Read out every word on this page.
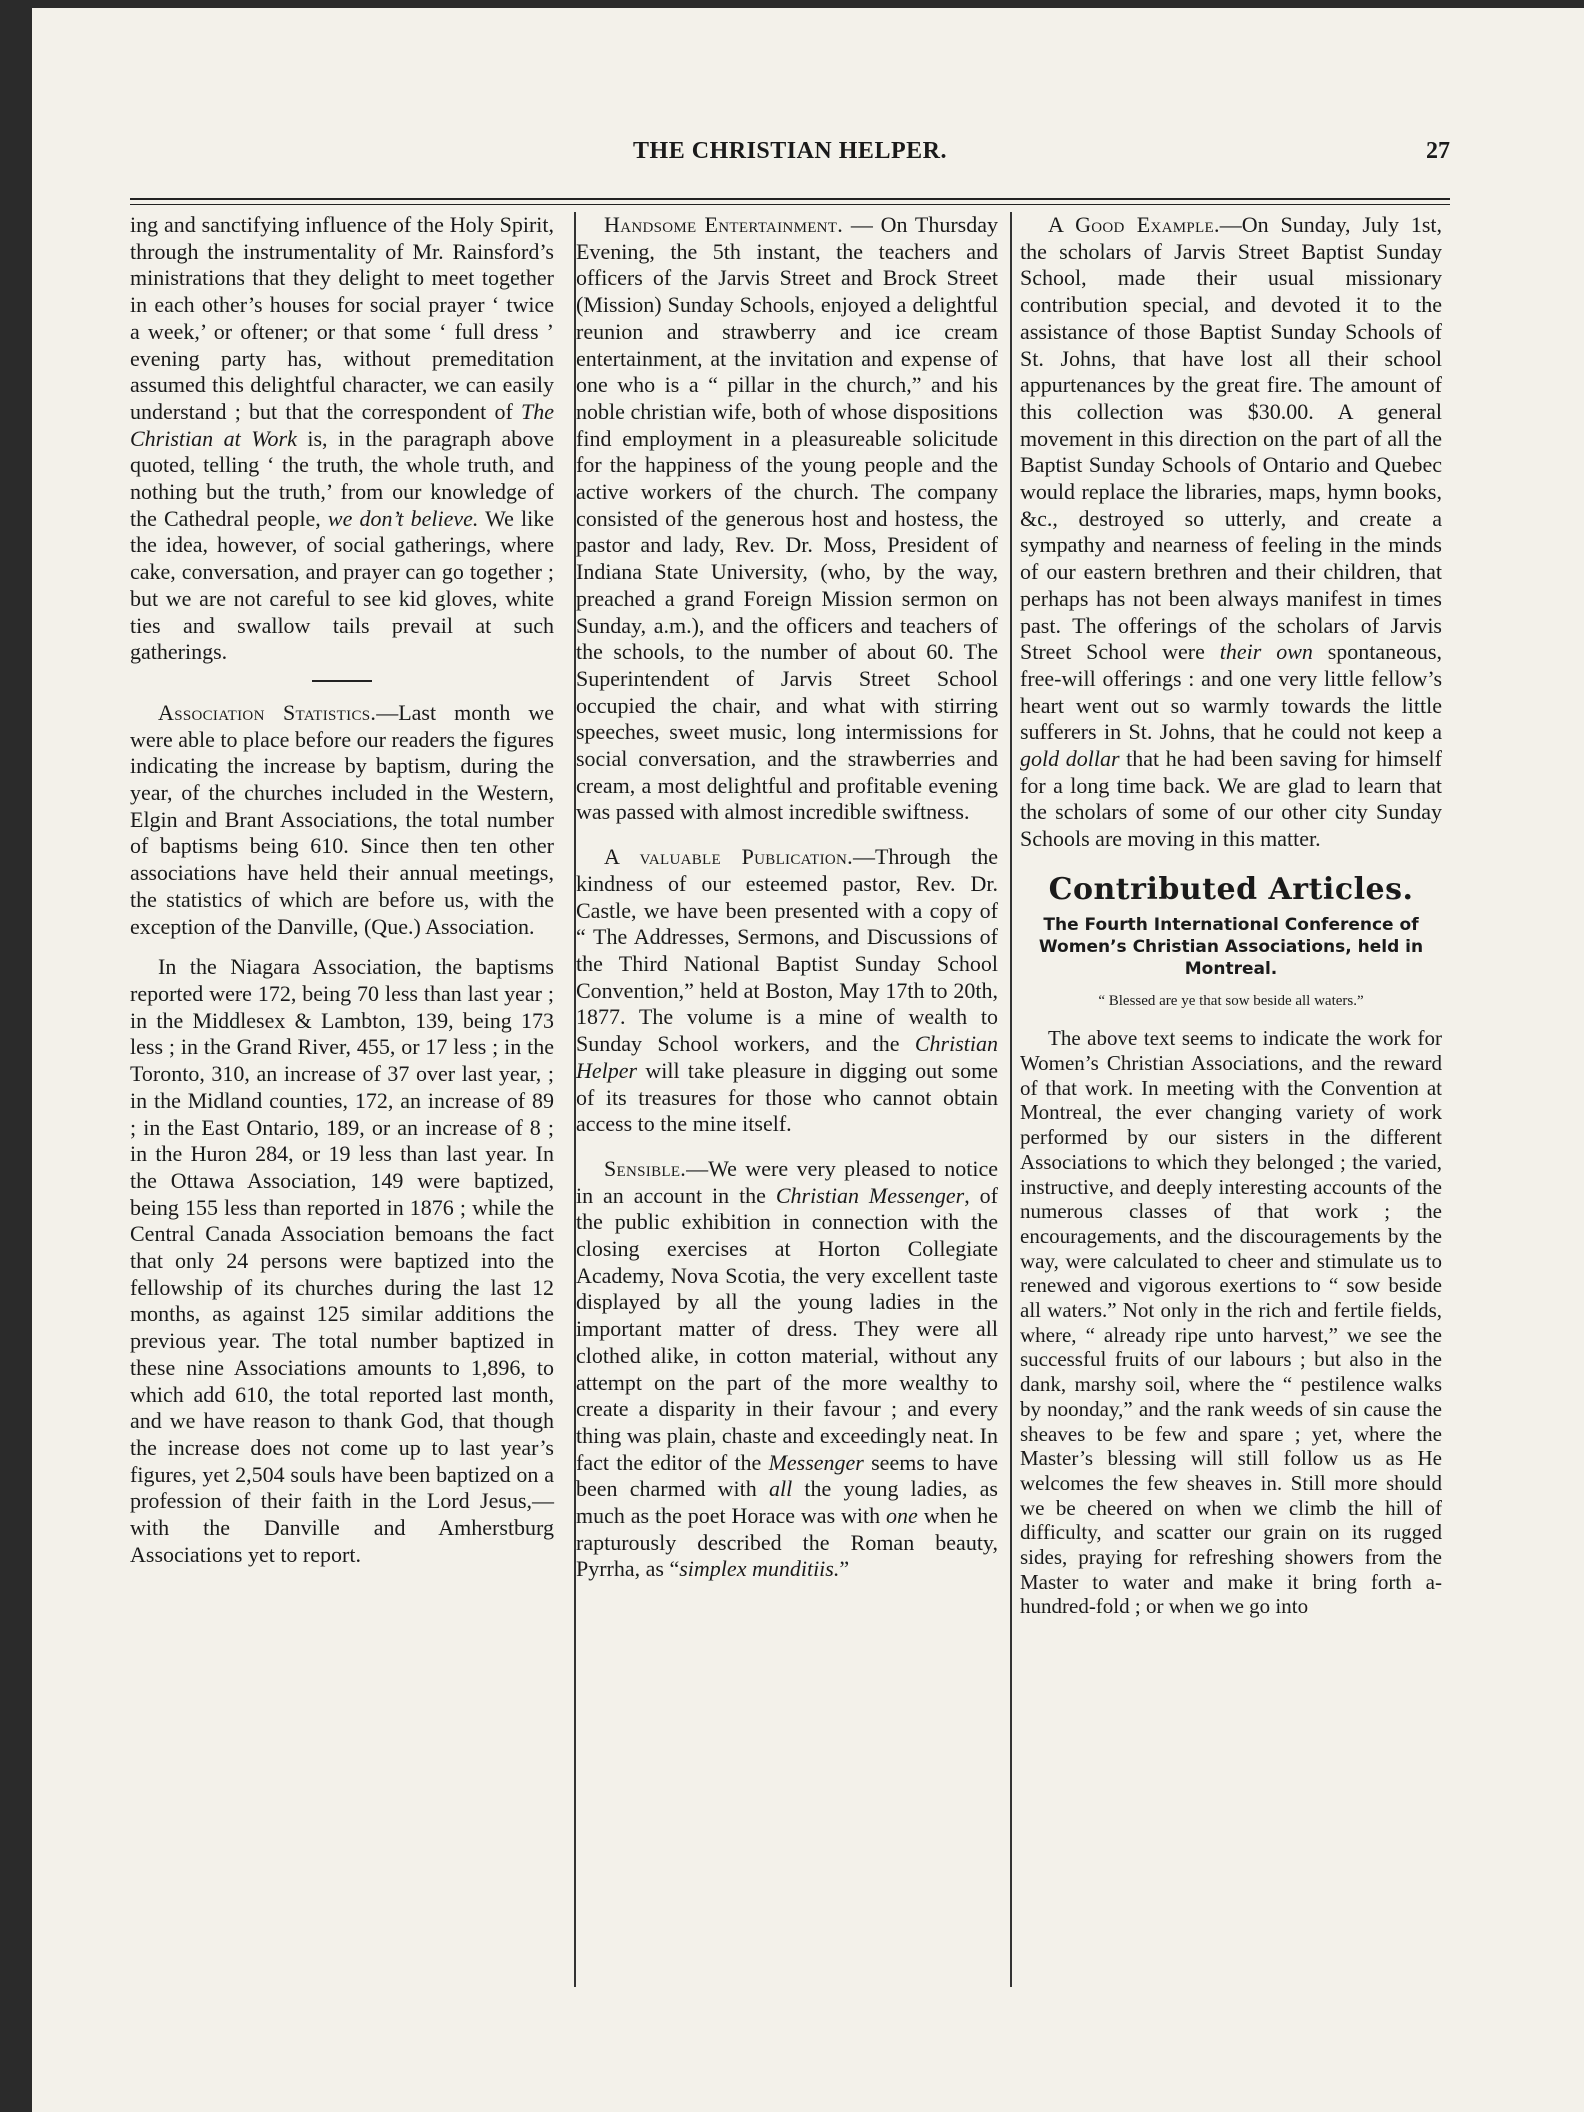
THE CHRISTIAN HELPER.	27

ing and sanctifying influence of the Holy Spirit, through the instrumentality of Mr. Rainsford’s ministrations that they delight to meet together in each other’s houses for social prayer ‘ twice a week,’ or oftener; or that some ‘ full dress ’ evening party has, without premeditation assumed this delightful character, we can easily understand ; but that the correspondent of The Christian at Work is, in the paragraph above quoted, telling ‘ the truth, the whole truth, and nothing but the truth,’ from our knowledge of the Cathedral people, we don’t believe. We like the idea, however, of social gatherings, where cake, conversation, and prayer can go together ; but we are not careful to see kid gloves, white ties and swallow tails prevail at such gatherings.

Association Statistics.—Last month we were able to place before our readers the figures indicating the increase by baptism, during the year, of the churches included in the Western, Elgin and Brant Associations, the total number of baptisms being 610. Since then ten other associations have held their annual meetings, the statistics of which are before us, with the exception of the Danville, (Que.) Association.

In the Niagara Association, the baptisms reported were 172, being 70 less than last year ; in the Middlesex & Lambton, 139, being 173 less ; in the Grand River, 455, or 17 less ; in the Toronto, 310, an increase of 37 over last year, ; in the Midland counties, 172, an increase of 89 ; in the East Ontario, 189, or an increase of 8 ; in the Huron 284, or 19 less than last year. In the Ottawa Association, 149 were baptized, being 155 less than reported in 1876 ; while the Central Canada Association bemoans the fact that only 24 persons were baptized into the fellowship of its churches during the last 12 months, as against 125 similar additions the previous year. The total number baptized in these nine Associations amounts to 1,896, to which add 610, the total reported last month, and we have reason to thank God, that though the increase does not come up to last year’s figures, yet 2,504 souls have been baptized on a profession of their faith in the Lord Jesus,—with the Danville and Amherstburg Associations yet to report.

Handsome Entertainment. — On Thursday Evening, the 5th instant, the teachers and officers of the Jarvis Street and Brock Street (Mission) Sunday Schools, enjoyed a delightful reunion and strawberry and ice cream entertainment, at the invitation and expense of one who is a “ pillar in the church,” and his noble christian wife, both of whose dispositions find employment in a pleasureable solicitude for the happiness of the young people and the active workers of the church. The company consisted of the generous host and hostess, the pastor and lady, Rev. Dr. Moss, President of Indiana State University, (who, by the way, preached a grand Foreign Mission sermon on Sunday, a.m.), and the officers and teachers of the schools, to the number of about 60. The Superintendent of Jarvis Street School occupied the chair, and what with stirring speeches, sweet music, long intermissions for social conversation, and the strawberries and cream, a most delightful and profitable evening was passed with almost incredible swiftness.

A valuable Publication.—Through the kindness of our esteemed pastor, Rev. Dr. Castle, we have been presented with a copy of “ The Addresses, Sermons, and Discussions of the Third National Baptist Sunday School Convention,” held at Boston, May 17th to 20th, 1877. The volume is a mine of wealth to Sunday School workers, and the Christian Helper will take pleasure in digging out some of its treasures for those who cannot obtain access to the mine itself.

Sensible.—We were very pleased to notice in an account in the Christian Messenger, of the public exhibition in connection with the closing exercises at Horton Collegiate Academy, Nova Scotia, the very excellent taste displayed by all the young ladies in the important matter of dress. They were all clothed alike, in cotton material, without any attempt on the part of the more wealthy to create a disparity in their favour ; and every thing was plain, chaste and exceedingly neat. In fact the editor of the Messenger seems to have been charmed with all the young ladies, as much as the poet Horace was with one when he rapturously described the Roman beauty, Pyrrha, as “simplex munditiis.”

A Good Example.—On Sunday, July 1st, the scholars of Jarvis Street Baptist Sunday School, made their usual missionary contribution special, and devoted it to the assistance of those Baptist Sunday Schools of St. Johns, that have lost all their school appurtenances by the great fire. The amount of this collection was $30.00. A general movement in this direction on the part of all the Baptist Sunday Schools of Ontario and Quebec would replace the libraries, maps, hymn books, &c., destroyed so utterly, and create a sympathy and nearness of feeling in the minds of our eastern brethren and their children, that perhaps has not been always manifest in times past. The offerings of the scholars of Jarvis Street School were their own spontaneous, free-will offerings : and one very little fellow’s heart went out so warmly towards the little sufferers in St. Johns, that he could not keep a gold dollar that he had been saving for himself for a long time back. We are glad to learn that the scholars of some of our other city Sunday Schools are moving in this matter.

Contributed Articles.
The Fourth International Conference of Women’s Christian Associations, held in Montreal.
“ Blessed are ye that sow beside all waters.”

The above text seems to indicate the work for Women’s Christian Associations, and the reward of that work. In meeting with the Convention at Montreal, the ever changing variety of work performed by our sisters in the different Associations to which they belonged ; the varied, instructive, and deeply interesting accounts of the numerous classes of that work ; the encouragements, and the discouragements by the way, were calculated to cheer and stimulate us to renewed and vigorous exertions to “ sow beside all waters.” Not only in the rich and fertile fields, where, “ already ripe unto harvest,” we see the successful fruits of our labours ; but also in the dank, marshy soil, where the “ pestilence walks by noonday,” and the rank weeds of sin cause the sheaves to be few and spare ; yet, where the Master’s blessing will still follow us as He welcomes the few sheaves in. Still more should we be cheered on when we climb the hill of difficulty, and scatter our grain on its rugged sides, praying for refreshing showers from the Master to water and make it bring forth a-hundred-fold ; or when we go into
